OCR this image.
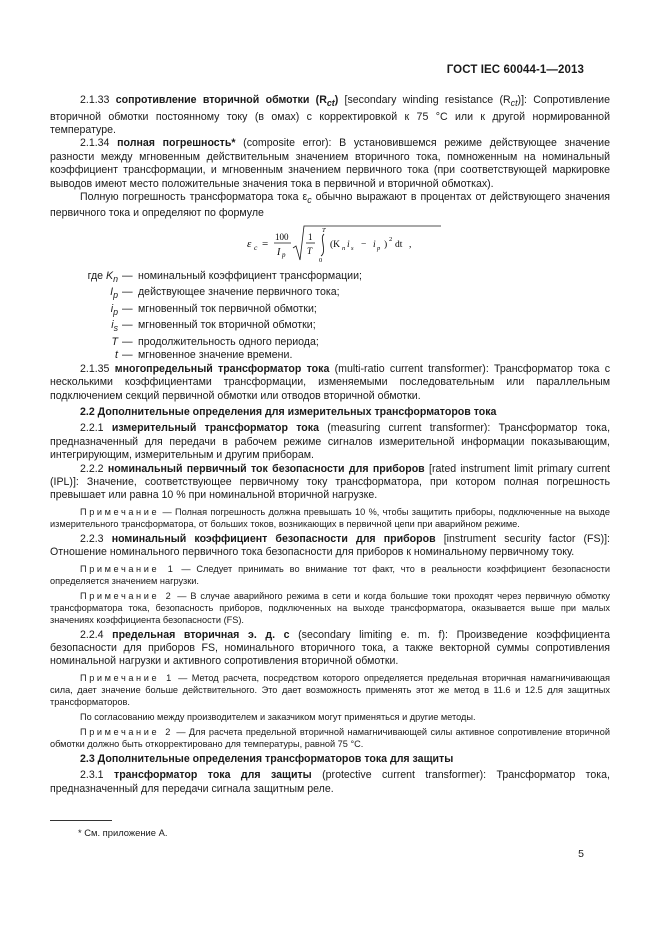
ГОСТ IEC 60044-1—2013

2.1.33 сопротивление вторичной обмотки $(R_{ct})$ [secondary winding resistance $(R_{ct})$]: Сопротивление вторичной обмотки постоянному току (в омах) с корректировкой к 75 °С или к другой нормированной температуре.

2.1.34 полная погрешность* (composite error): В установившемся режиме действующее значение разности между мгновенным действительным значением вторичного тока, помноженным на номинальный коэффициент трансформации, и мгновенным значением первичного тока (при соответствующей маркировке выводов имеют место положительные значения тока в первичной и вторичной обмотках).

Полную погрешность трансформатора тока $\varepsilon_c$ обычно выражают в процентах от действующего значения первичного тока и определяют по формуле

ε c =
100
I p
1
T
T
0
(K n i s − i p )
2
dt ,
где $K_n$ — номинальный коэффициент трансформации;
$I_p$ — действующее значение первичного тока;
$i_p$ — мгновенный ток первичной обмотки;
$i_s$ — мгновенный ток вторичной обмотки;
T — продолжительность одного периода;
t — мгновенное значение времени.

2.1.35 многопредельный трансформатор тока (multi-ratio current transformer): Трансформатор тока с несколькими коэффициентами трансформации, изменяемыми последовательным или параллельным подключением секций первичной обмотки или отводов вторичной обмотки.

2.2 Дополнительные определения для измерительных трансформаторов тока

2.2.1 измерительный трансформатор тока (measuring current transformer): Трансформатор тока, предназначенный для передачи в рабочем режиме сигналов измерительной информации показывающим, интегрирующим, измерительным и другим приборам.

2.2.2 номинальный первичный ток безопасности для приборов [rated instrument limit primary current (IPL)]: Значение, соответствующее первичному току трансформатора, при котором полная погрешность превышает или равна 10 % при номинальной вторичной нагрузке.

Примечание — Полная погрешность должна превышать 10 %, чтобы защитить приборы, подключенные на выходе измерительного трансформатора, от больших токов, возникающих в первичной цепи при аварийном режиме.

2.2.3 номинальный коэффициент безопасности для приборов [instrument security factor (FS)]: Отношение номинального первичного тока безопасности для приборов к номинальному первичному току.

Примечание 1 — Следует принимать во внимание тот факт, что в реальности коэффициент безопасности определяется значением нагрузки.

Примечание 2 — В случае аварийного режима в сети и когда большие токи проходят через первичную обмотку трансформатора тока, безопасность приборов, подключенных на выходе трансформатора, оказывается выше при малых значениях коэффициента безопасности (FS).

2.2.4 предельная вторичная э. д. с (secondary limiting e. m. f): Произведение коэффициента безопасности для приборов FS, номинального вторичного тока, а также векторной суммы сопротивления номинальной нагрузки и активного сопротивления вторичной обмотки.

Примечание 1 — Метод расчета, посредством которого определяется предельная вторичная намагничивающая сила, дает значение больше действительного. Это дает возможность применять этот же метод в 11.6 и 12.5 для защитных трансформаторов.

По согласованию между производителем и заказчиком могут применяться и другие методы.

Примечание 2 — Для расчета предельной вторичной намагничивающей силы активное сопротивление вторичной обмотки должно быть откорректировано для температуры, равной 75 °С.

2.3 Дополнительные определения трансформаторов тока для защиты

2.3.1 трансформатор тока для защиты (protective current transformer): Трансформатор тока, предназначенный для передачи сигнала защитным реле.

* См. приложение А.
5
